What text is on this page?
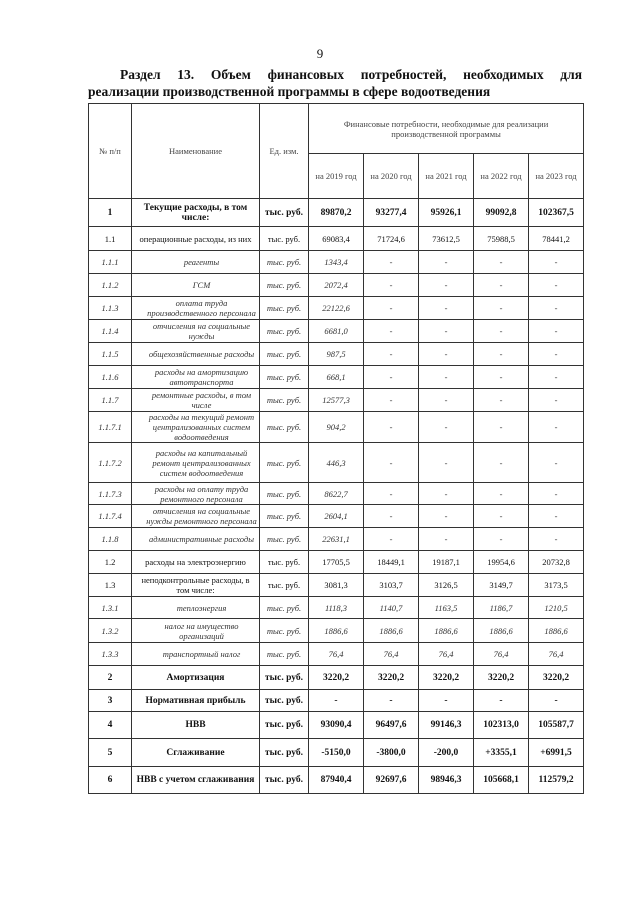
9
Раздел 13. Объем финансовых потребностей, необходимых для
реализации производственной программы в сфере водоотведения
№ п/п	Наименование	Ед. изм.	Финансовые потребности, необходимые для реализации производственной программы				
			на 2019 год	на 2020 год	на 2021 год	на 2022 год	на 2023 год
1	Текущие расходы, в том числе:	тыс. руб.	89870,2	93277,4	95926,1	99092,8	102367,5
1.1	операционные расходы, из них	тыс. руб.	69083,4	71724,6	73612,5	75988,5	78441,2
1.1.1	реагенты	тыс. руб.	1343,4	-	-	-	-
1.1.2	ГСМ	тыс. руб.	2072,4	-	-	-	-
1.1.3	оплата труда производственного персонала	тыс. руб.	22122,6	-	-	-	-
1.1.4	отчисления на социальные нужды	тыс. руб.	6681,0	-	-	-	-
1.1.5	общехозяйственные расходы	тыс. руб.	987,5	-	-	-	-
1.1.6	расходы на амортизацию автотранспорта	тыс. руб.	668,1	-	-	-	-
1.1.7	ремонтные расходы, в том числе	тыс. руб.	12577,3	-	-	-	-
1.1.7.1	расходы на текущий ремонт централизованных систем водоотведения	тыс. руб.	904,2	-	-	-	-
1.1.7.2	расходы на капитальный ремонт централизованных систем водоотведения	тыс. руб.	446,3	-	-	-	-
1.1.7.3	расходы на оплату труда ремонтного персонала	тыс. руб.	8622,7	-	-	-	-
1.1.7.4	отчисления на социальные нужды ремонтного персонала	тыс. руб.	2604,1	-	-	-	-
1.1.8	административные расходы	тыс. руб.	22631,1	-	-	-	-
1.2	расходы на электроэнергию	тыс. руб.	17705,5	18449,1	19187,1	19954,6	20732,8
1.3	неподконтрольные расходы, в том числе:	тыс. руб.	3081,3	3103,7	3126,5	3149,7	3173,5
1.3.1	теплоэнергия	тыс. руб.	1118,3	1140,7	1163,5	1186,7	1210,5
1.3.2	налог на имущество организаций	тыс. руб.	1886,6	1886,6	1886,6	1886,6	1886,6
1.3.3	транспортный налог	тыс. руб.	76,4	76,4	76,4	76,4	76,4
2	Амортизация	тыс. руб.	3220,2	3220,2	3220,2	3220,2	3220,2
3	Нормативная прибыль	тыс. руб.	-	-	-	-	-
4	НВВ	тыс. руб.	93090,4	96497,6	99146,3	102313,0	105587,7
5	Сглаживание	тыс. руб.	-5150,0	-3800,0	-200,0	+3355,1	+6991,5
6	НВВ с учетом сглаживания	тыс. руб.	87940,4	92697,6	98946,3	105668,1	112579,2
